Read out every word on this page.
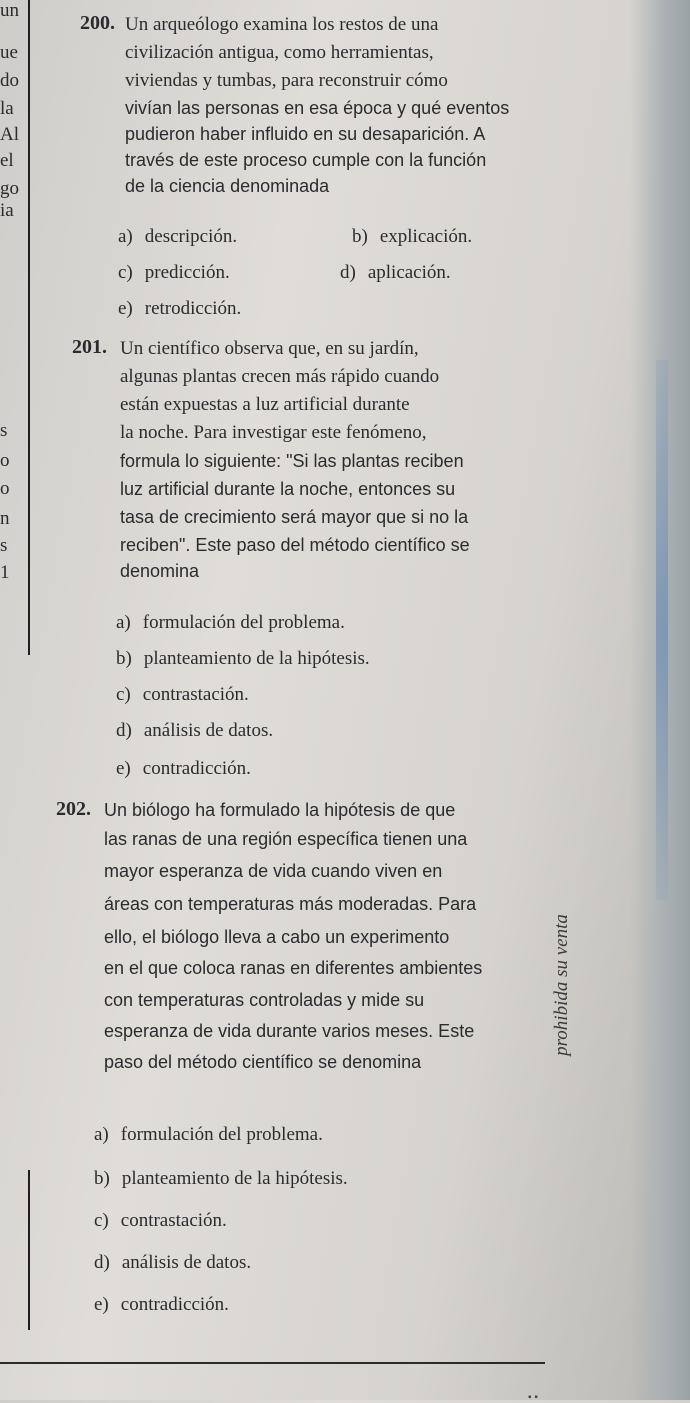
un
ue
do
la
Al
el
go
ia
s
o
o
n
s
1
200. Un arqueólogo examina los restos de una
civilización antigua, como herramientas,
viviendas y tumbas, para reconstruir cómo
vivían las personas en esa época y qué eventos
pudieron haber influido en su desaparición. A
través de este proceso cumple con la función
de la ciencia denominada
a) descripción.	b) explicación.
c) predicción.	d) aplicación.
e) retrodicción.
201. Un científico observa que, en su jardín,
algunas plantas crecen más rápido cuando
están expuestas a luz artificial durante
la noche. Para investigar este fenómeno,
formula lo siguiente: "Si las plantas reciben
luz artificial durante la noche, entonces su
tasa de crecimiento será mayor que si no la
reciben". Este paso del método científico se
denomina
a) formulación del problema.
b) planteamiento de la hipótesis.
c) contrastación.
d) análisis de datos.
e) contradicción.
202. Un biólogo ha formulado la hipótesis de que
las ranas de una región específica tienen una
mayor esperanza de vida cuando viven en
áreas con temperaturas más moderadas. Para
ello, el biólogo lleva a cabo un experimento
en el que coloca ranas en diferentes ambientes
con temperaturas controladas y mide su
esperanza de vida durante varios meses. Este
paso del método científico se denomina
a) formulación del problema.
b) planteamiento de la hipótesis.
c) contrastación.
d) análisis de datos.
e) contradicción.
prohibida su venta
▪ ▪
